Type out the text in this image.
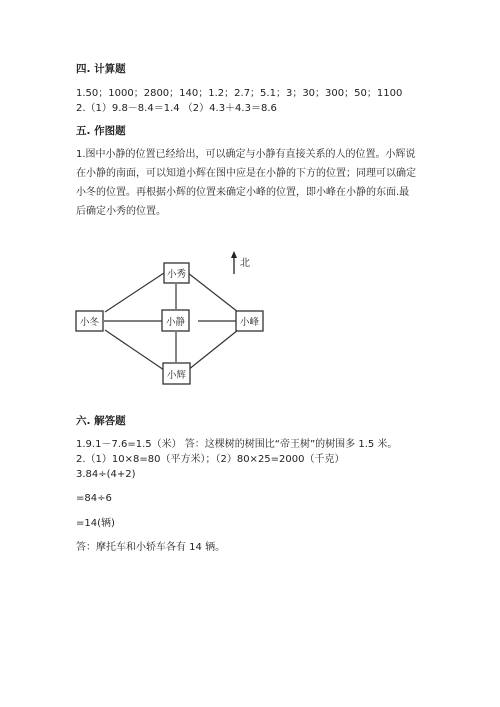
四. 计算题
1.50；1000；2800；140；1.2；2.7；5.1；3；30；300；50；1100
2.（1）9.8－8.4＝1.4 （2）4.3＋4.3＝8.6
五. 作图题
1.图中小静的位置已经给出，可以确定与小静有直接关系的人的位置。小辉说在小静的南面，可以知道小辉在图中应是在小静的下方的位置；同理可以确定小冬的位置。再根据小辉的位置来确定小峰的位置，即小峰在小静的东面.最后确定小秀的位置。
北
小秀
小冬	小静	小峰
小辉
六. 解答题
1.9.1－7.6=1.5（米） 答：这棵树的树围比“帝王树”的树围多 1.5 米。
2.（1）10×8=80（平方米）；（2）80×25=2000（千克）
3.84÷(4+2)
=84÷6
=14(辆)
答：摩托车和小轿车各有 14 辆。
